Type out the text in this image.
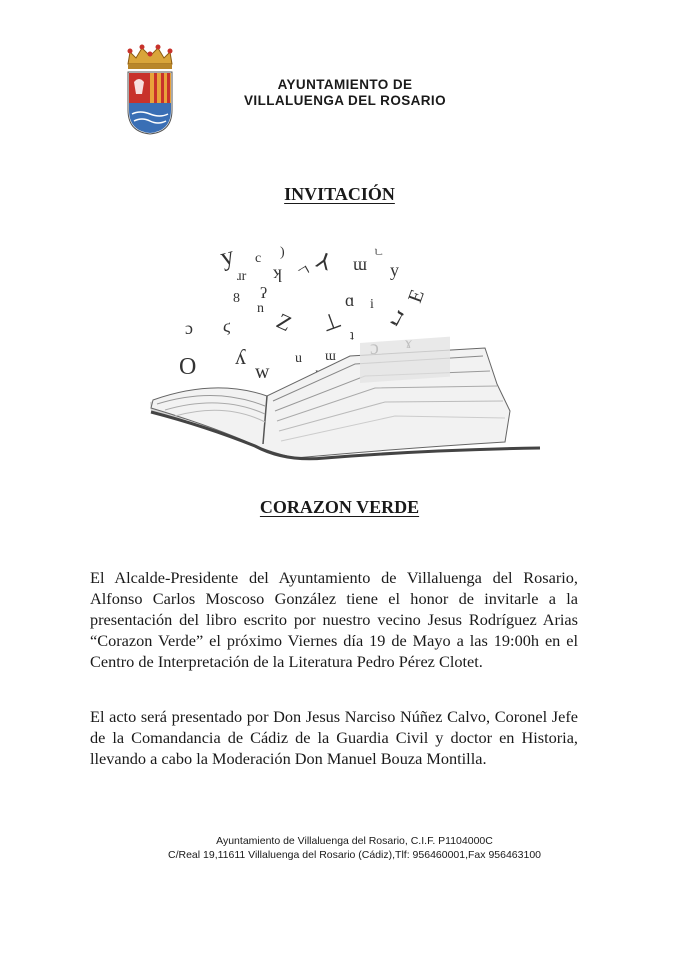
AYUNTAMIENTO DE
VILLALUENGA DEL ROSARIO
INVITACIÓN
y c ) ⅄ ɯ
ㄴ
y
ɹr ʞ ㄱ
8 ʔ
n Z
ɑ i
ℷ
E
ɔ ϛ	⊥ ʇ
ɯ
O ʎ
w
u
CORAZON VERDE
El Alcalde-Presidente del Ayuntamiento de Villaluenga del Rosario, Alfonso Carlos Moscoso González tiene el honor de invitarle a la presentación del libro escrito por nuestro vecino Jesus Rodríguez Arias “Corazon Verde” el próximo Viernes día 19 de Mayo a las 19:00h en el Centro de Interpretación de la Literatura Pedro Pérez Clotet.
El acto será presentado por Don Jesus Narciso Núñez Calvo, Coronel Jefe de la Comandancia de Cádiz de la Guardia Civil y doctor en Historia, llevando a cabo la Moderación Don Manuel Bouza Montilla.
Ayuntamiento de Villaluenga del Rosario, C.I.F. P1104000C
C/Real 19,11611 Villaluenga del Rosario (Cádiz),Tlf: 956460001,Fax 956463100
